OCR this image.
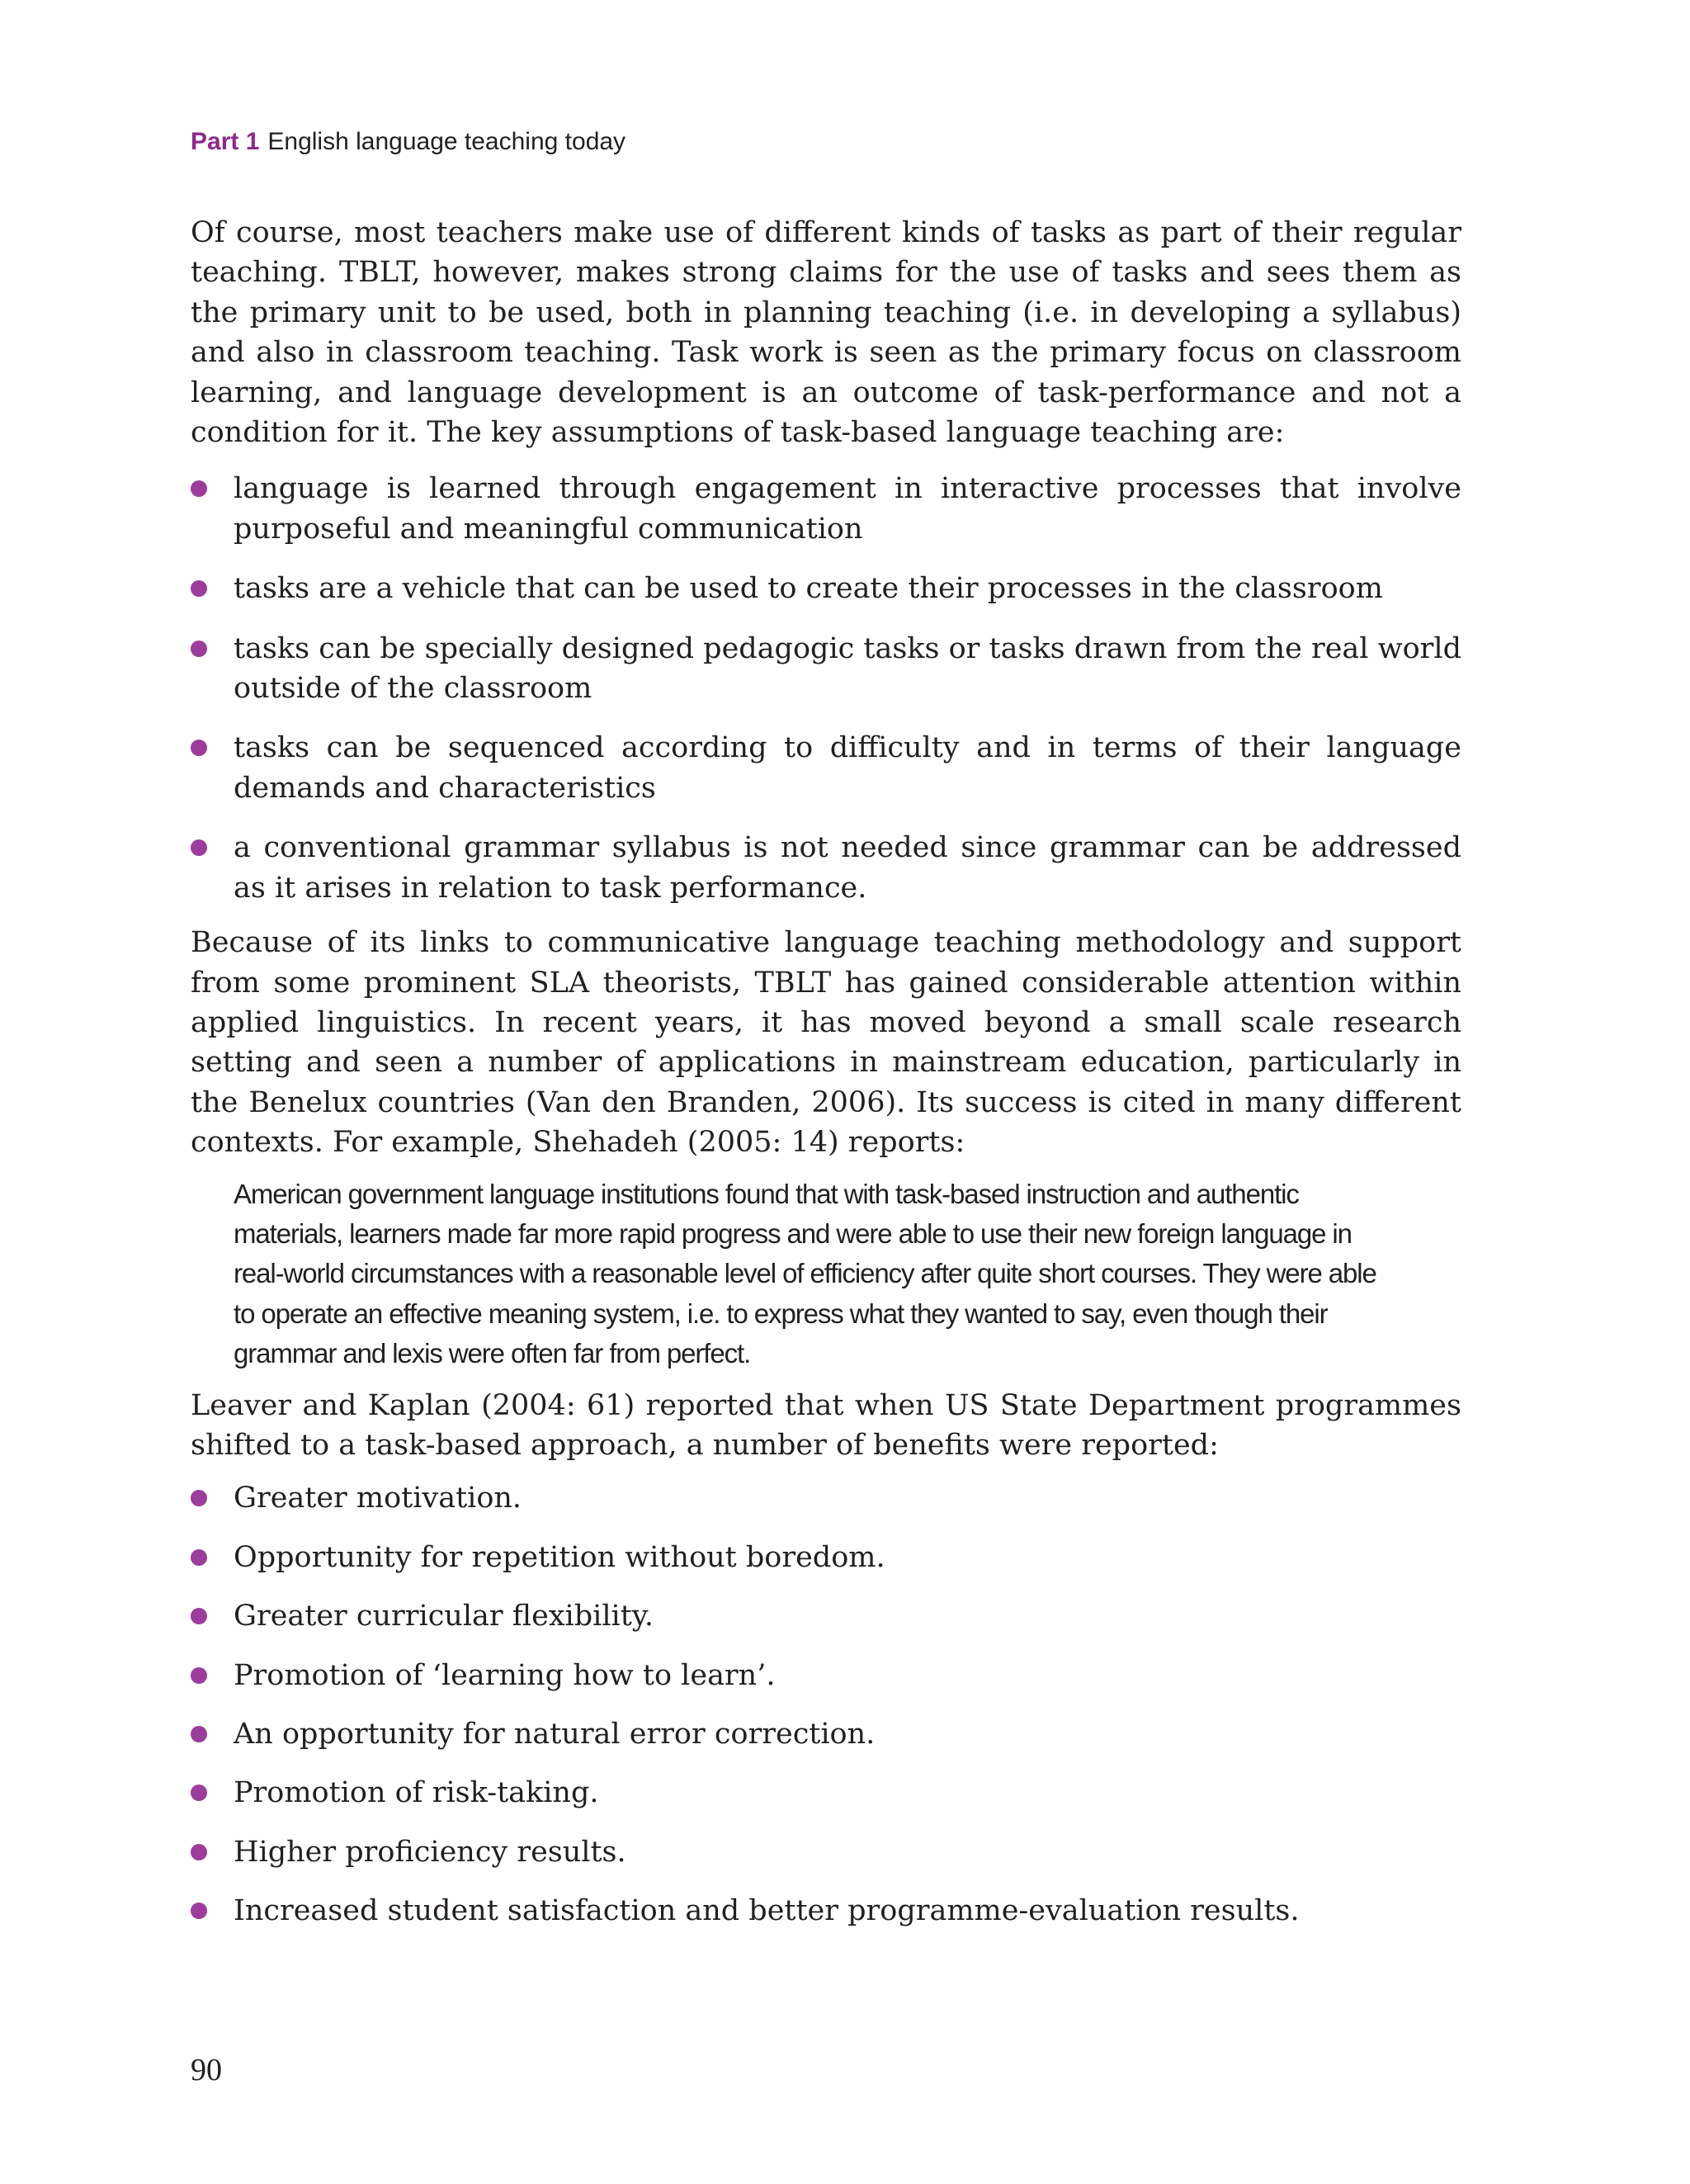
Part 1 English language teaching today

Of course, most teachers make use of different kinds of tasks as part of their regular teaching. TBLT, however, makes strong claims for the use of tasks and sees them as the primary unit to be used, both in planning teaching (i.e. in developing a syllabus) and also in classroom teaching. Task work is seen as the primary focus on classroom learning, and language development is an outcome of task-performance and not a condition for it. The key assumptions of task-based language teaching are:

language is learned through engagement in interactive processes that involve purposeful and meaningful communication
tasks are a vehicle that can be used to create their processes in the classroom
tasks can be specially designed pedagogic tasks or tasks drawn from the real world outside of the classroom
tasks can be sequenced according to difficulty and in terms of their language demands and characteristics
a conventional grammar syllabus is not needed since grammar can be addressed as it arises in relation to task performance.

Because of its links to communicative language teaching methodology and support from some prominent SLA theorists, TBLT has gained considerable attention within applied linguistics. In recent years, it has moved beyond a small scale research setting and seen a number of applications in mainstream education, particularly in the Benelux countries (Van den Branden, 2006). Its success is cited in many different contexts. For example, Shehadeh (2005: 14) reports:

American government language institutions found that with task-based instruction and authentic materials, learners made far more rapid progress and were able to use their new foreign language in real-world circumstances with a reasonable level of efficiency after quite short courses. They were able to operate an effective meaning system, i.e. to express what they wanted to say, even though their grammar and lexis were often far from perfect.

Leaver and Kaplan (2004: 61) reported that when US State Department programmes shifted to a task-based approach, a number of benefits were reported:

Greater motivation.
Opportunity for repetition without boredom.
Greater curricular flexibility.
Promotion of ‘learning how to learn’.
An opportunity for natural error correction.
Promotion of risk-taking.
Higher proficiency results.
Increased student satisfaction and better programme-evaluation results.
90
